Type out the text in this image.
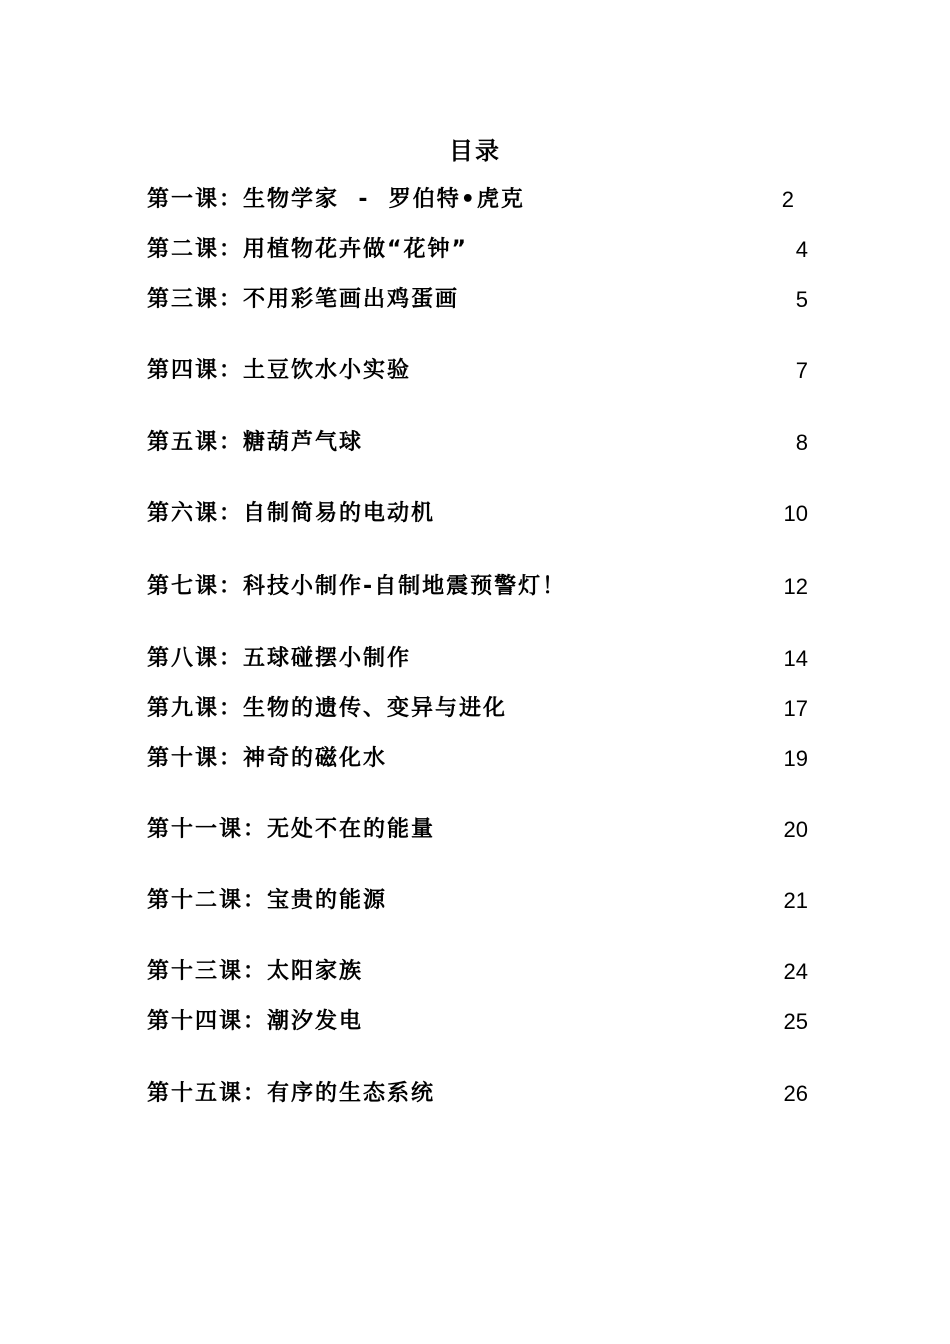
目录
第一课：生物学家  -  罗伯特•虎克	2
第二课：用植物花卉做“花钟”	4
第三课：不用彩笔画出鸡蛋画	5
第四课：土豆饮水小实验	7
第五课：糖葫芦气球	8
第六课：自制简易的电动机	10
第七课：科技小制作-自制地震预警灯！	12
第八课：五球碰摆小制作	14
第九课：生物的遗传、变异与进化	17
第十课：神奇的磁化水	19
第十一课：无处不在的能量	20
第十二课：宝贵的能源	21
第十三课：太阳家族	24
第十四课：潮汐发电	25
第十五课：有序的生态系统	26
